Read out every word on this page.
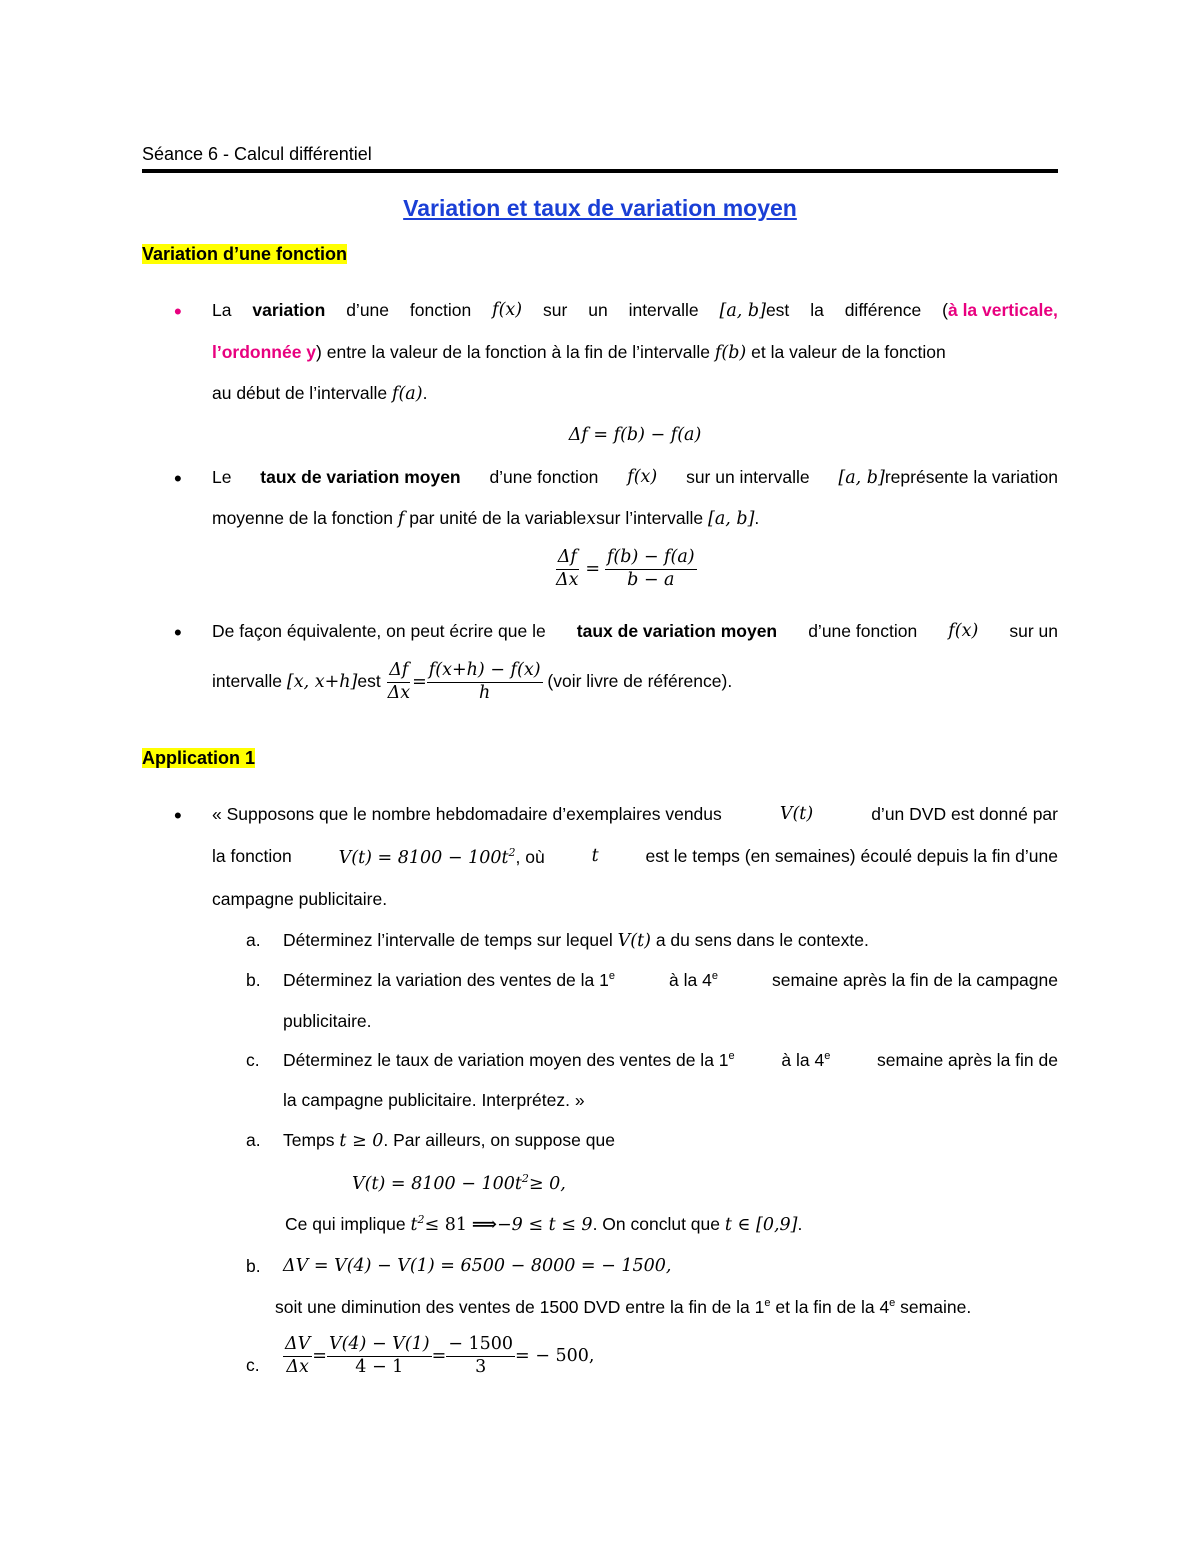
Séance 6 - Calcul différentiel
Variation et taux de variation moyen
Variation d’une fonction
• La variation d’une fonction f(x) sur un intervalle [a, b]est la différence (à la verticale,
l’ordonnée y) entre la valeur de la fonction à la fin de l’intervalle f(b) et la valeur de la fonction
au début de l’intervalle f(a).
Δf = f(b) − f(a)
• Le taux de variation moyen d’une fonction f(x) sur un intervalle [a, b]représente la variation
moyenne de la fonction f par unité de la variablexsur l’intervalle [a, b].
$\frac{\Delta f}{\Delta x} = \frac{f(b) - f(a)}{b - a}$
• De façon équivalente, on peut écrire que le taux de variation moyen d’une fonction f(x) sur un
intervalle [x, $x+h]est \frac{\Delta f}{\Delta x} = \frac{f(x+h) - f(x)}{h}$ (voir livre de référence).
Application 1
• « Supposons que le nombre hebdomadaire d’exemplaires vendus	V(t)	d’un DVD est donné par
la fonction	$V(t) = 8100 - 100t^2$, où	t	est le temps (en semaines) écoulé depuis la fin d’une
campagne publicitaire.
a. Déterminez l’intervalle de temps sur lequel V(t) a du sens dans le contexte.
b. Déterminez la variation des ventes de la 1e	à la 4e	semaine après la fin de la campagne
publicitaire.
c. Déterminez le taux de variation moyen des ventes de la 1e	à la 4e	semaine après la fin de
la campagne publicitaire. Interprétez. »
a. Temps t ≥ 0. Par ailleurs, on suppose que
$V(t) = 8100 - 100t^2\ge 0$,
Ce qui implique $t^2\le 81$ ⟹−9 ≤ t ≤ 9. On conclut que t ∈ [0,9].
b. ΔV = V(4) − V(1) = 6500 − 8000 = − 1500,
soit une diminution des ventes de 1500 DVD entre la fin de la 1e et la fin de la 4e semaine.
c. $\frac{\Delta V}{\Delta x} = \frac{V(4) - V(1)}{4 - 1} = \frac{- 1500}{3}$ = − 500,
